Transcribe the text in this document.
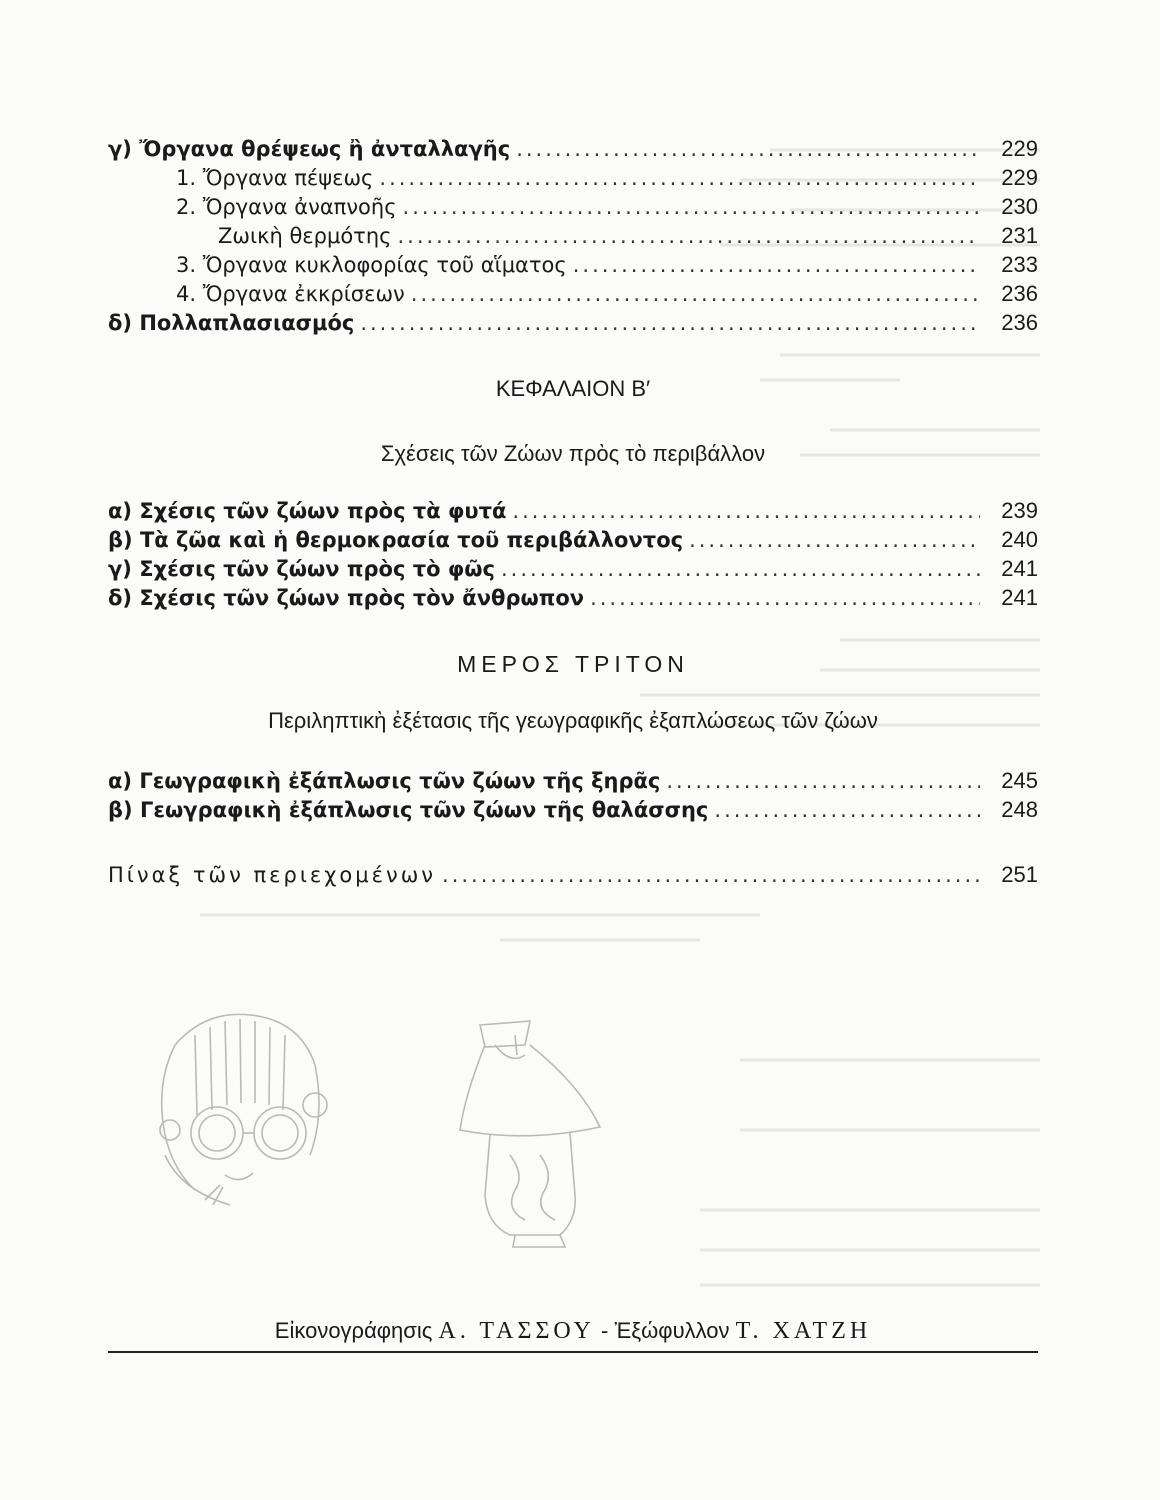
γ) Ὄργανα θρέψεως ἢ ἀνταλλαγῆς .....	229
1. Ὄργανα πέψεως .....	229
2. Ὄργανα ἀναπνοῆς .....	230
Ζωικὴ θερμότης .....	231
3. Ὄργανα κυκλοφορίας τοῦ αἵματος .....	233
4. Ὄργανα ἐκκρίσεων .....	236
δ) Πολλαπλασιασμός .....	236
ΚΕΦΑΛΑΙΟΝ Β′
Σχέσεις τῶν Ζώων πρὸς τὸ περιβάλλον
α) Σχέσις τῶν ζώων πρὸς τὰ φυτά .....	239
β) Τὰ ζῶα καὶ ἡ θερμοκρασία τοῦ περιβάλλοντος .....	240
γ) Σχέσις τῶν ζώων πρὸς τὸ φῶς .....	241
δ) Σχέσις τῶν ζώων πρὸς τὸν ἄνθρωπον .....	241
ΜΕΡΟΣ ΤΡΙΤΟΝ
Περιληπτικὴ ἐξέτασις τῆς γεωγραφικῆς ἐξαπλώσεως τῶν ζώων
α) Γεωγραφικὴ ἐξάπλωσις τῶν ζώων τῆς ξηρᾶς .....	245
β) Γεωγραφικὴ ἐξάπλωσις τῶν ζώων τῆς θαλάσσης .....	248
Πίναξ τῶν περιεχομένων .....	251
Εἰκονογράφησις Α. ΤΑΣΣΟΥ - Ἐξώφυλλον Τ. ΧΑΤΖΗ
